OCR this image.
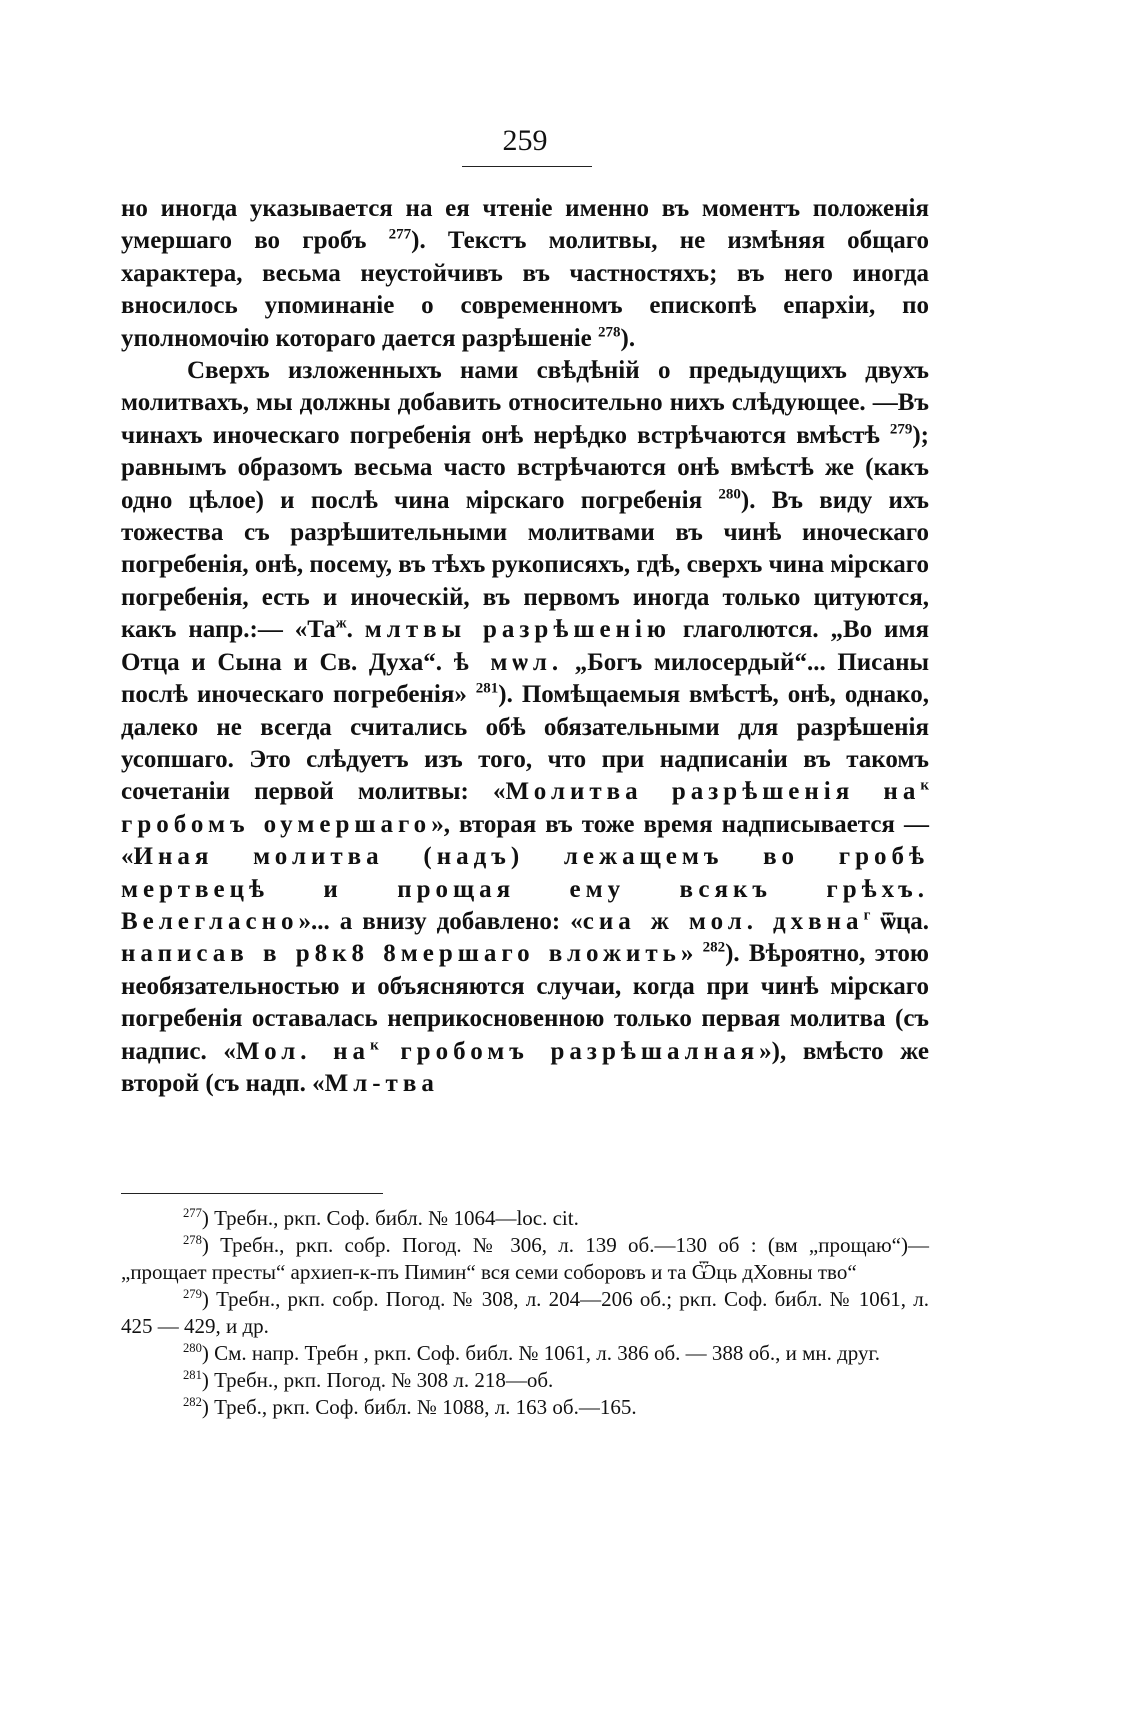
259

но иногда указывается на ея чтеніе именно въ моментъ положенія умершаго во гробъ $^{277}$). Текстъ молитвы, не измѣняя общаго характера, весьма неустойчивъ въ частностяхъ; въ него иногда вносилось упоминаніе о современномъ епископѣ епархіи, по уполномочію котораго дается разрѣшеніе $^{278}$).

Сверхъ изложенныхъ нами свѣдѣній о предыдущихъ двухъ молитвахъ, мы должны добавить относительно нихъ слѣдующее. —Въ чинахъ иноческаго погребенія онѣ нерѣдко встрѣчаются вмѣстѣ $^{279}$); равнымъ образомъ весьма часто встрѣчаются онѣ вмѣстѣ же (какъ одно цѣлое) и послѣ чина мірскаго погребенія $^{280}$). Въ виду ихъ тожества съ разрѣшительными молитвами въ чинѣ иноческаго погребенія, онѣ, посему, въ тѣхъ рукописяхъ, гдѣ, сверхъ чина мірскаго погребенія, есть и иноческій, въ первомъ иногда только цитуются, какъ напр.:— «$Та^ж$. млтвы разрѣшенію глаголются. „Во имя Отца и Сына и Св. Духа“. ѣ мѡл. „Богъ милосердый“... Писаны послѣ иноческаго погребенія» $^{281}$). Помѣщаемыя вмѣстѣ, онѣ, однако, далеко не всегда считались обѣ обязательными для разрѣшенія усопшаго. Это слѣдуетъ изъ того, что при надписаніи въ такомъ сочетаніи первой молитвы: «Молитва разрѣшенія $на^к$ гробомъ оумершаго», вторая въ тоже время надписывается — «Иная молитва (надъ) лежащемъ во гробѣ мертвецѣ и прощая ему всякъ грѣхъ. Велегласно»... а внизу добавлено: «сиа ж мол. дхвна$^г$ ѿца. написав в р8к8 8мершаго вложить» $^{282}$). Вѣроятно, этою необязательностью и объясняются случаи, когда при чинѣ мірскаго погребенія оставалась неприкосновенною только первая молитва (съ надпис. «Мол. $на^к$ гробомъ разрѣшалная»), вмѣсто же второй (съ надп. «Мл-тва

$^{277}$) Требн., рκп. Соф. библ. № 1064—loc. cit.

$^{278}$) Требн., рκп. собр. Погод. № 306, л. 139 об.—130 об : (вм „прощаю“)—„прощает престы“ архиеп-к-пъ Пимин“ вся семи соборовъ и та Ѿць дХовны тво“

$^{279}$) Требн., рκп. собр. Погод. № 308, л. 204—206 об.; рκп. Соф. библ. № 1061, л. 425 — 429, и др.

$^{280}$) См. напр. Требн , рκп. Соф. библ. № 1061, л. 386 об. — 388 об., и мн. друг.

$^{281}$) Требн., рκп. Погод. № 308 л. 218—об.

$^{282}$) Треб., рκп. Соф. библ. № 1088, л. 163 об.—165.
